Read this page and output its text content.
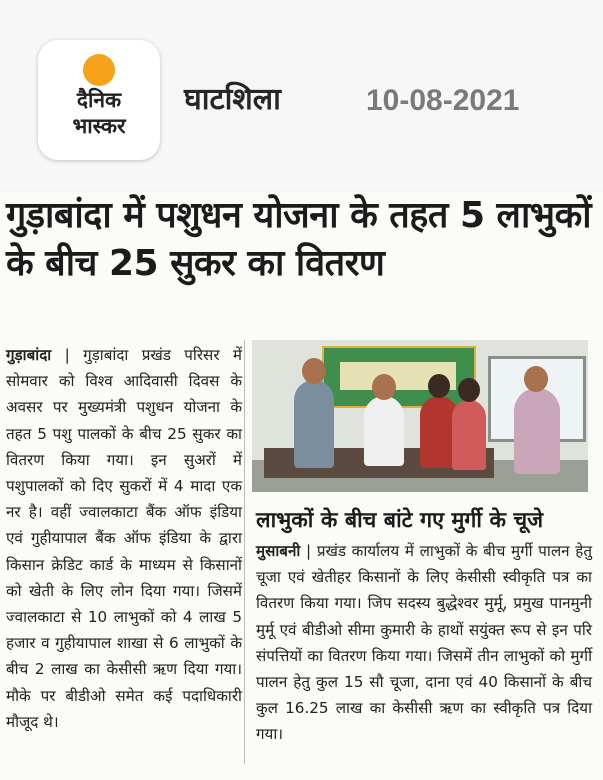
दैनिक
भास्कर
घाटशिला	10-08-2021
गुड़ाबांदा में पशुधन योजना के तहत 5 लाभुकों के बीच 25 सुकर का वितरण
गुड़ाबांदा | गुड़ाबांदा प्रखंड परिसर में सोमवार को विश्व आदिवासी दिवस के अवसर पर मुख्यमंत्री पशुधन योजना के तहत 5 पशु पालकों के बीच 25 सुकर का वितरण किया गया। इन सुअरों में पशुपालकों को दिए सुकरों में 4 मादा एक नर है। वहीं ज्वालकाटा बैंक ऑफ इंडिया एवं गुहीयापाल बैंक ऑफ इंडिया के द्वारा किसान क्रेडिट कार्ड के माध्यम से किसानों को खेती के लिए लोन दिया गया। जिसमें ज्वालकाटा से 10 लाभुकों को 4 लाख 5 हजार व गुहीयापाल शाखा से 6 लाभुकों के बीच 2 लाख का केसीसी ऋण दिया गया। मौके पर बीडीओ समेत कई पदाधिकारी मौजूद थे।
लाभुकों के बीच बांटे गए मुर्गी के चूजे
मुसाबनी | प्रखंड कार्यालय में लाभुकों के बीच मुर्गी पालन हेतु चूजा एवं खेतीहर किसानों के लिए केसीसी स्वीकृति पत्र का वितरण किया गया। जिप सदस्य बुद्धेश्वर मुर्मू, प्रमुख पानमुनी मुर्मू एवं बीडीओ सीमा कुमारी के हाथों सयुंक्त रूप से इन परि संपत्तियों का वितरण किया गया। जिसमें तीन लाभुकों को मुर्गी पालन हेतु कुल 15 सौ चूजा, दाना एवं 40 किसानों के बीच कुल 16.25 लाख का केसीसी ऋण का स्वीकृति पत्र दिया गया।
